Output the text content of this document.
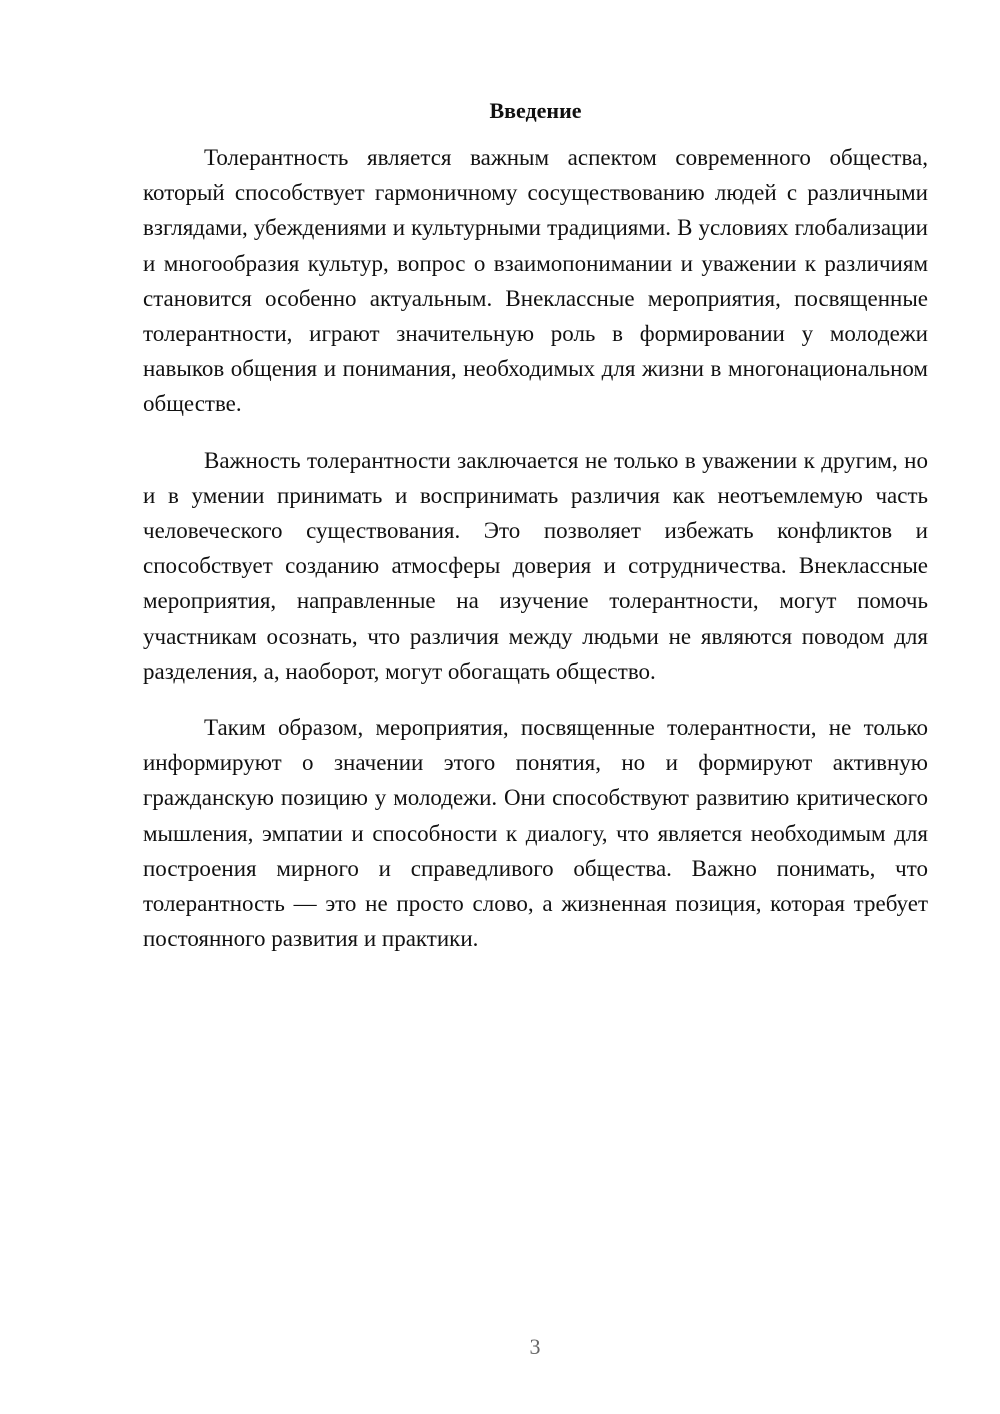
Введение

Толерантность является важным аспектом современного общества, который способствует гармоничному сосуществованию людей с различными взглядами, убеждениями и культурными традициями. В условиях глобализации и многообразия культур, вопрос о взаимопонимании и уважении к различиям становится особенно актуальным. Внеклассные мероприятия, посвященные толерантности, играют значительную роль в формировании у молодежи навыков общения и понимания, необходимых для жизни в многонациональном обществе.

Важность толерантности заключается не только в уважении к другим, но и в умении принимать и воспринимать различия как неотъемлемую часть человеческого существования. Это позволяет избежать конфликтов и способствует созданию атмосферы доверия и сотрудничества. Внеклассные мероприятия, направленные на изучение толерантности, могут помочь участникам осознать, что различия между людьми не являются поводом для разделения, а, наоборот, могут обогащать общество.

Таким образом, мероприятия, посвященные толерантности, не только информируют о значении этого понятия, но и формируют активную гражданскую позицию у молодежи. Они способствуют развитию критического мышления, эмпатии и способности к диалогу, что является необходимым для построения мирного и справедливого общества. Важно понимать, что толерантность — это не просто слово, а жизненная позиция, которая требует постоянного развития и практики.

3
